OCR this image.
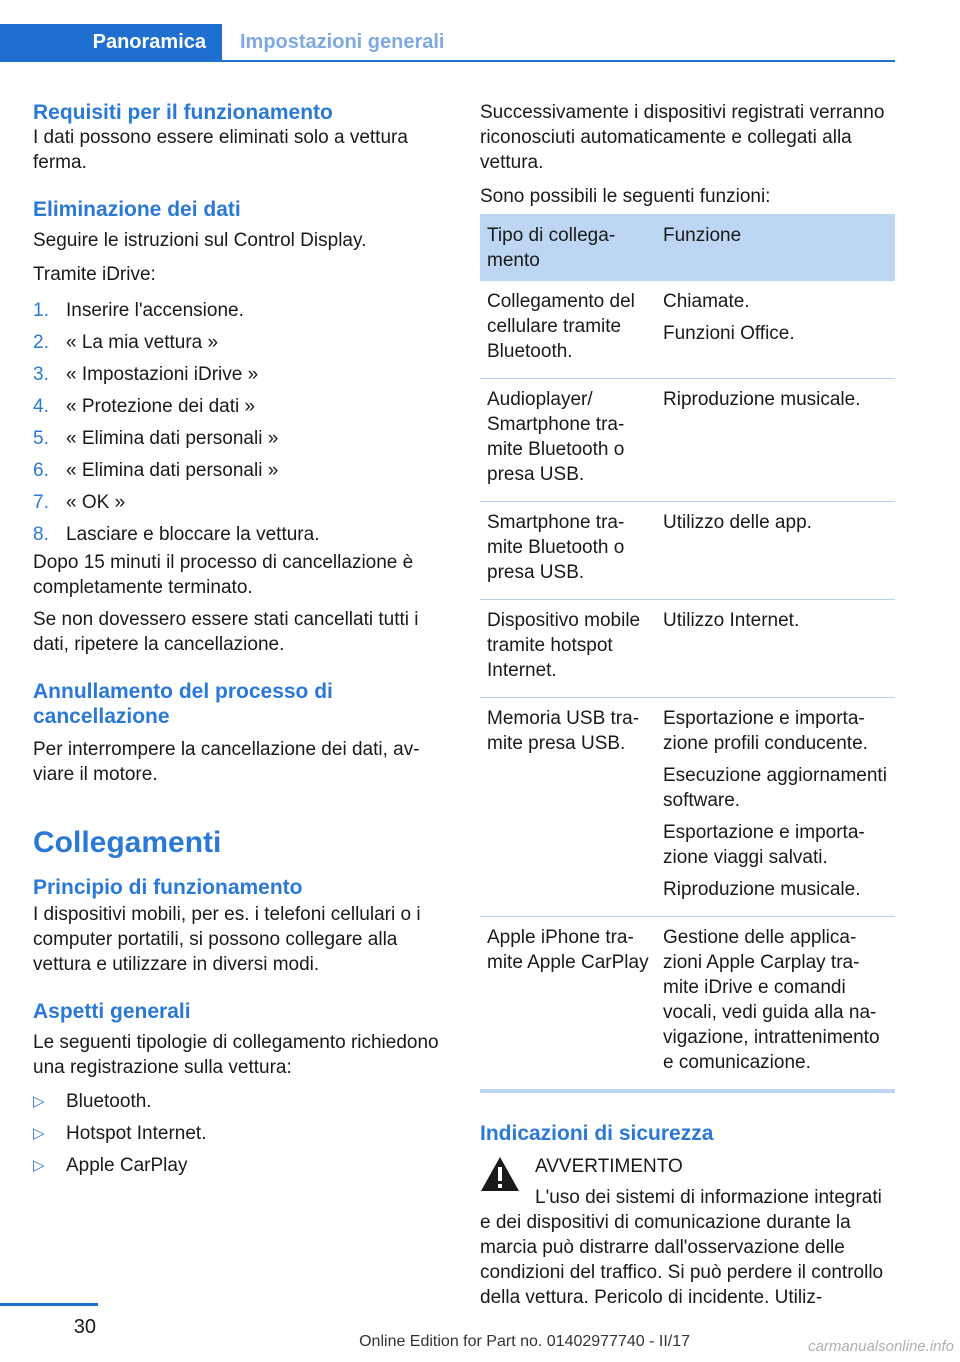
Panoramica	Impostazioni generali
Requisiti per il funzionamento

I dati possono essere eliminati solo a vettura ferma.

Eliminazione dei dati

Seguire le istruzioni sul Control Display.

Tramite iDrive:

1. Inserire l'accensione.
2. « La mia vettura »
3. « Impostazioni iDrive »
4. « Protezione dei dati »
5. « Elimina dati personali »
6. « Elimina dati personali »
7. « OK »
8. Lasciare e bloccare la vettura.

Dopo 15 minuti il processo di cancellazione è completamente terminato.

Se non dovessero essere stati cancellati tutti i dati, ripetere la cancellazione.

Annullamento del processo di cancellazione

Per interrompere la cancellazione dei dati, avviare il motore.

Collegamenti
Principio di funzionamento

I dispositivi mobili, per es. i telefoni cellulari o i computer portatili, si possono collegare alla vettura e utilizzare in diversi modi.

Aspetti generali

Le seguenti tipologie di collegamento richiedono una registrazione sulla vettura:

▷ Bluetooth.
▷ Hotspot Internet.
▷ Apple CarPlay

Successivamente i dispositivi registrati verranno riconosciuti automaticamente e collegati alla vettura.

Sono possibili le seguenti funzioni:

Tipo di collegamento	Funzione
Collegamento del cellulare tramite Bluetooth.	Chiamate.

Funzioni Office.

Audioplayer/ Smartphone tramite Bluetooth o presa USB.	Riproduzione musicale.

Smartphone tramite Bluetooth o presa USB.	Utilizzo delle app.

Dispositivo mobile tramite hotspot Internet.	Utilizzo Internet.

Memoria USB tramite presa USB.	Esportazione e importazione profili conducente.

Esecuzione aggiornamenti software.

Esportazione e importazione viaggi salvati.

Riproduzione musicale.

Apple iPhone tramite Apple CarPlay	Gestione delle applicazioni Apple Carplay tramite iDrive e comandi vocali, vedi guida alla navigazione, intrattenimento e comunicazione.

Indicazioni di sicurezza

AVVERTIMENTO

L'uso dei sistemi di informazione integrati e dei dispositivi di comunicazione durante la marcia può distrarre dall'osservazione delle condizioni del traffico. Si può perdere il controllo della vettura. Pericolo di incidente. Utiliz-

30
Online Edition for Part no. 01402977740 - II/17	carmanualsonline.info
